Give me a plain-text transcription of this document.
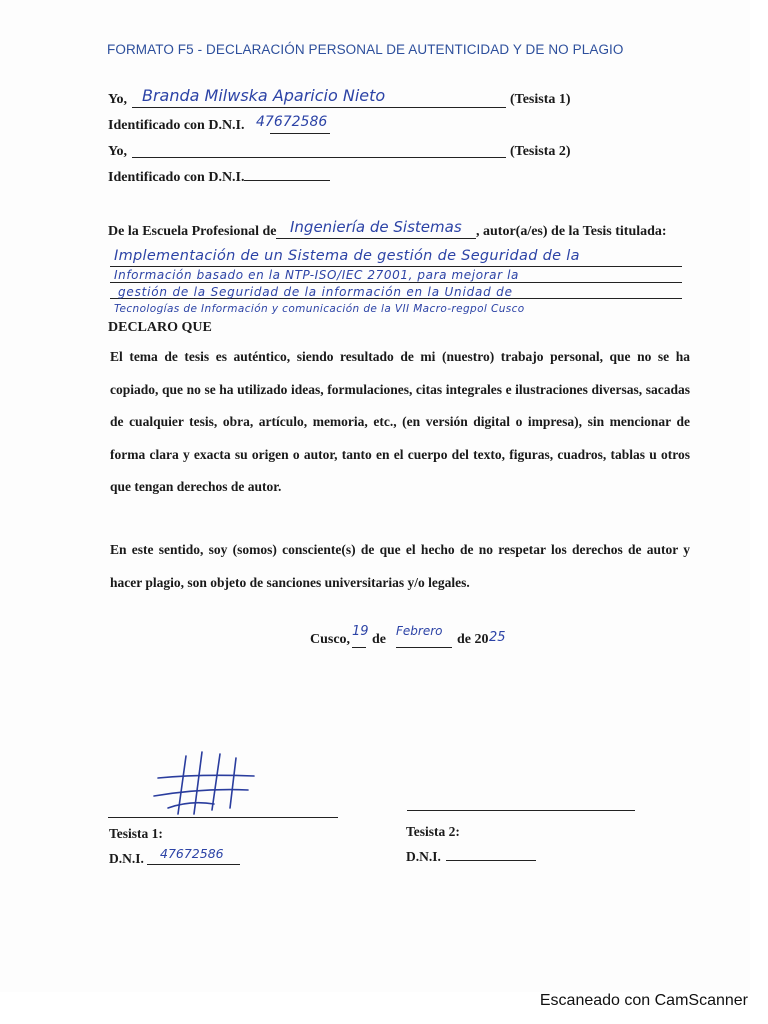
FORMATO F5 - DECLARACIÓN PERSONAL DE AUTENTICIDAD Y DE NO PLAGIO
Yo, Branda Milwska Aparicio Nieto	(Tesista 1)
Identificado con D.N.I. 47672586
Yo,	(Tesista 2)
Identificado con D.N.I.
De la Escuela Profesional de Ingeniería de Sistemas , autor(a/es) de la Tesis titulada:
Implementación de un Sistema de gestión de Seguridad de la
Información basado en la NTP-ISO/IEC 27001, para mejorar la
gestión de la Seguridad de la información en la Unidad de
Tecnologías de Información y comunicación de la VII Macro-regpol Cusco
DECLARO QUE
El tema de tesis es auténtico, siendo resultado de mi (nuestro) trabajo personal, que no se ha copiado, que no se ha utilizado ideas, formulaciones, citas integrales e ilustraciones diversas, sacadas de cualquier tesis, obra, artículo, memoria, etc., (en versión digital o impresa), sin mencionar de forma clara y exacta su origen o autor, tanto en el cuerpo del texto, figuras, cuadros, tablas u otros que tengan derechos de autor.
En este sentido, soy (somos) consciente(s) de que el hecho de no respetar los derechos de autor y hacer plagio, son objeto de sanciones universitarias y/o legales.
Cusco,
19
de
Febrero
de 20 25
Tesista 1:	Tesista 2:
D.N.I. 47672586	D.N.I.
Escaneado con CamScanner
